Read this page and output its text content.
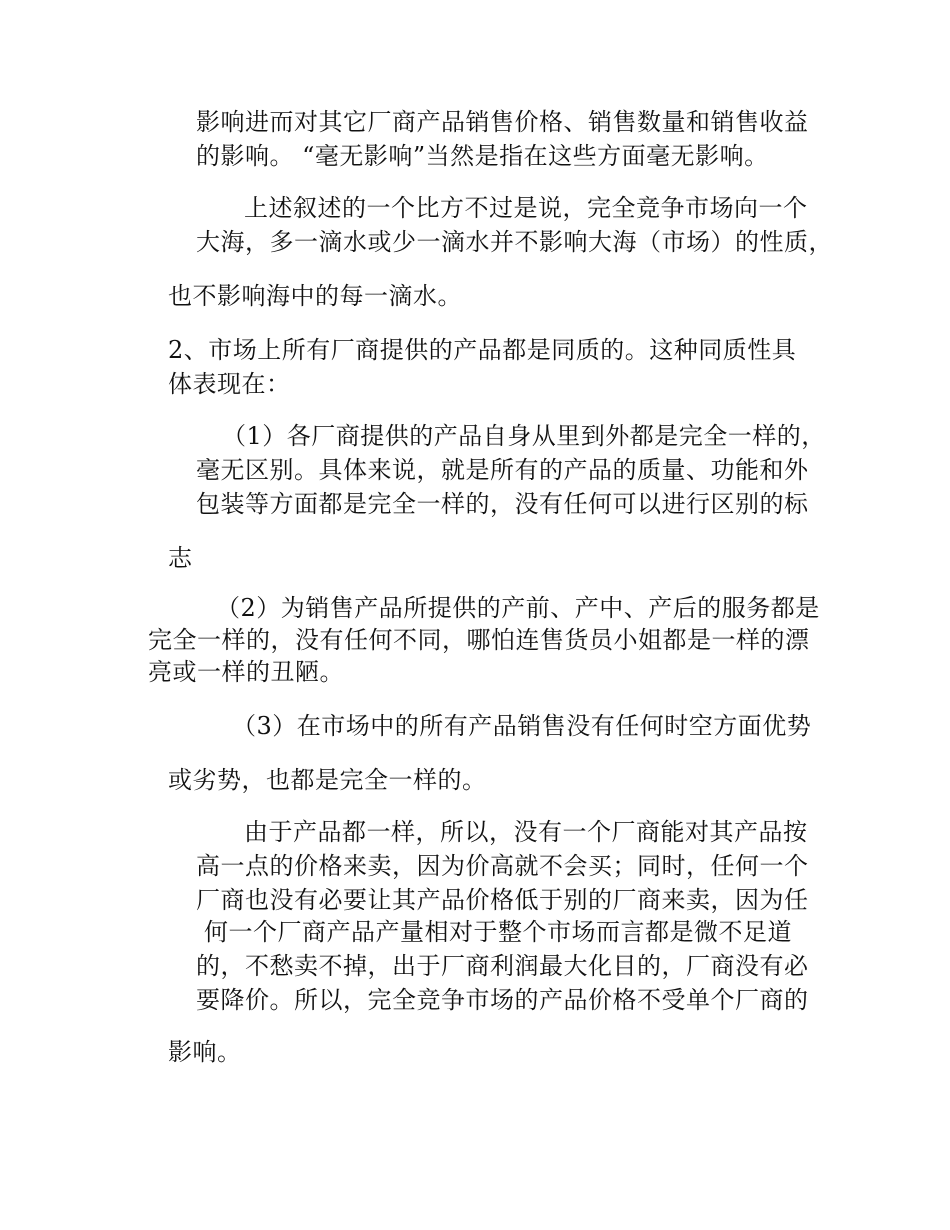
影响进而对其它厂商产品销售价格、销售数量和销售收益
的影响。 “毫无影响”当然是指在这些方面毫无影响。
上述叙述的一个比方不过是说，完全竞争市场向一个
大海，多一滴水或少一滴水并不影响大海（市场）的性质，
也不影响海中的每一滴水。
2、市场上所有厂商提供的产品都是同质的。这种同质性具
体表现在：
（1）各厂商提供的产品自身从里到外都是完全一样的，
毫无区别。具体来说，就是所有的产品的质量、功能和外
包装等方面都是完全一样的，没有任何可以进行区别的标
志
（2）为销售产品所提供的产前、产中、产后的服务都是
完全一样的，没有任何不同，哪怕连售货员小姐都是一样的漂
亮或一样的丑陋。
（3）在市场中的所有产品销售没有任何时空方面优势
或劣势，也都是完全一样的。
由于产品都一样，所以，没有一个厂商能对其产品按
高一点的价格来卖，因为价高就不会买；同时，任何一个
厂商也没有必要让其产品价格低于别的厂商来卖，因为任
何一个厂商产品产量相对于整个市场而言都是微不足道
的，不愁卖不掉，出于厂商利润最大化目的，厂商没有必
要降价。所以，完全竞争市场的产品价格不受单个厂商的
影响。
